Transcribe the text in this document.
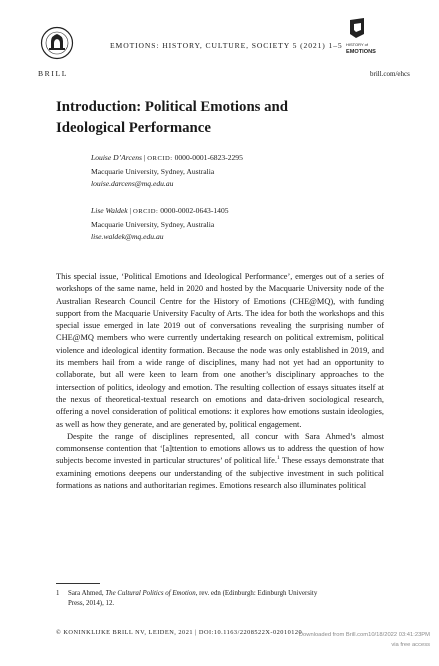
BRILL
EMOTIONS: HISTORY, CULTURE, SOCIETY 5 (2021) 1–5 HISTORY of
EMOTIONS
brill.com/ehcs
Introduction: Political Emotions and
Ideological Performance
Louise D’Arcens | ORCID: 0000-0001-6823-2295
Macquarie University, Sydney, Australia
louise.darcens@mq.edu.au
Lise Waldek | ORCID: 0000-0002-0643-1405
Macquarie University, Sydney, Australia
lise.waldek@mq.edu.au

This special issue, ‘Political Emotions and Ideological Performance’, emerges out of a series of workshops of the same name, held in 2020 and hosted by the Macquarie University node of the Australian Research Council Centre for the History of Emotions (CHE@MQ), with funding support from the Macquarie University Faculty of Arts. The idea for both the workshops and this special issue emerged in late 2019 out of conversations revealing the surprising number of CHE@MQ members who were currently undertaking research on political extremism, political violence and ideological identity formation. Because the node was only established in 2019, and its members hail from a wide range of disciplines, many had not yet had an opportunity to collaborate, but all were keen to learn from one another’s disciplinary approaches to the intersection of politics, ideology and emotion. The resulting collection of essays situates itself at the nexus of theoretical-textual research on emotions and data-driven sociological research, offering a novel consideration of political emotions: it explores how emotions sustain ideologies, as well as how they generate, and are generated by, political engagement.

Despite the range of disciplines represented, all concur with Sara Ahmed’s almost commonsense contention that ‘[a]ttention to emotions allows us to address the question of how subjects become invested in particular structures’ of political life.$^1$ These essays demonstrate that examining emotions deepens our understanding of the subjective investment in such political formations as nations and authoritarian regimes. Emotions research also illuminates political

1 Sara Ahmed, The Cultural Politics of Emotion, rev. edn (Edinburgh: Edinburgh University
Press, 2014), 12.
© KONINKLIJKE BRILL NV, LEIDEN, 2021 | DOI:10.1163/2208522X-02010120
Downloaded from Brill.com10/18/2022 03:41:23PM
via free access
